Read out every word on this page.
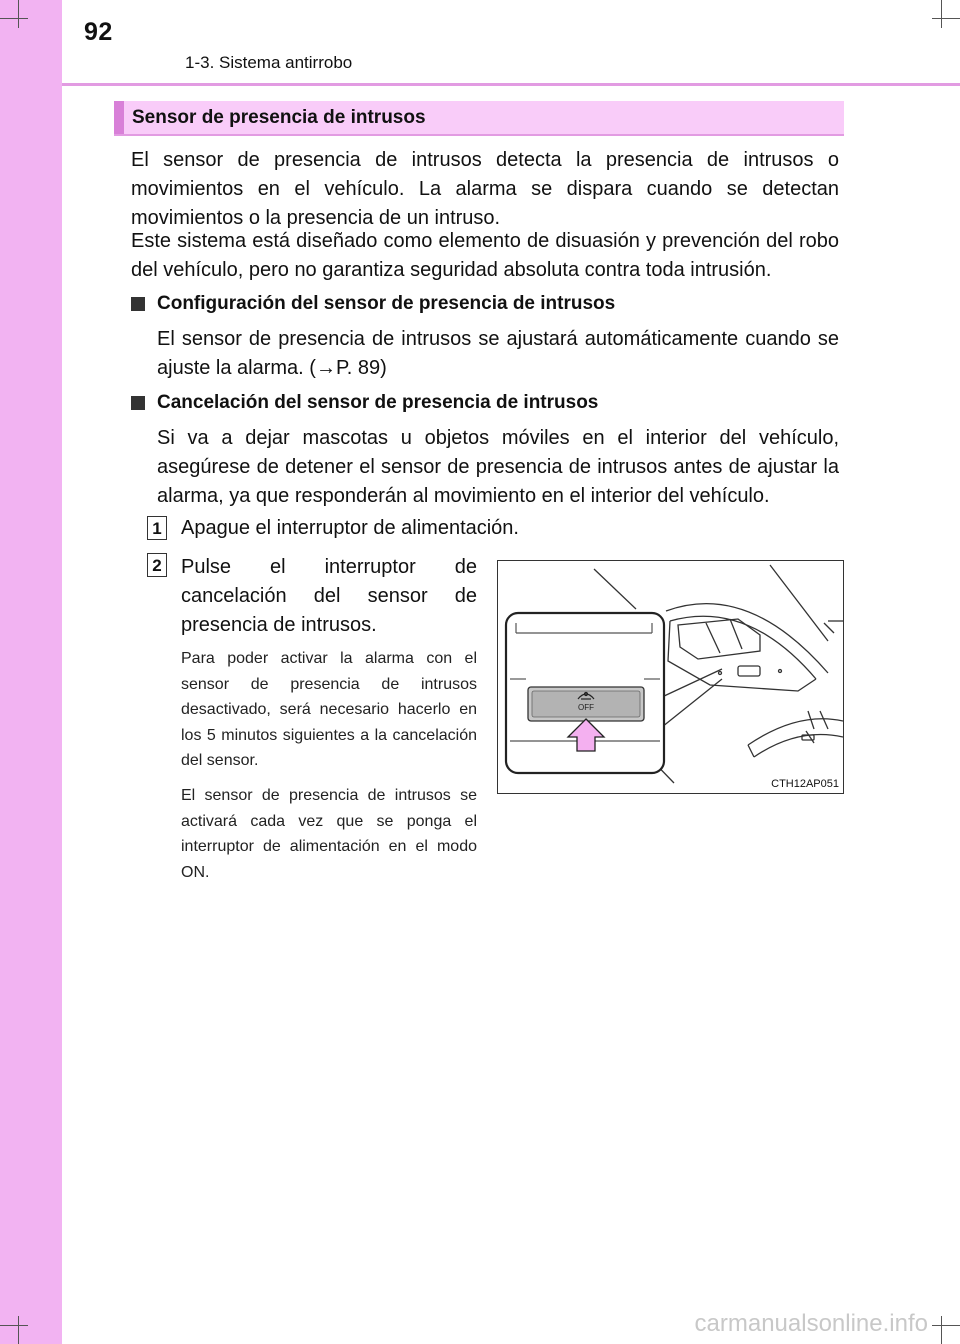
92
1-3. Sistema antirrobo
Sensor de presencia de intrusos

El sensor de presencia de intrusos detecta la presencia de intrusos o movimientos en el vehículo. La alarma se dispara cuando se detectan movimientos o la presencia de un intruso.

Este sistema está diseñado como elemento de disuasión y prevención del robo del vehículo, pero no garantiza seguridad absoluta contra toda intrusión.

Configuración del sensor de presencia de intrusos

El sensor de presencia de intrusos se ajustará automáticamente cuando se ajuste la alarma. (→P. 89)

Cancelación del sensor de presencia de intrusos

Si va a dejar mascotas u objetos móviles en el interior del vehículo, asegúrese de detener el sensor de presencia de intrusos antes de ajustar la alarma, ya que responderán al movimiento en el interior del vehículo.

1 Apague el interruptor de alimentación.

2 Pulse el interruptor de cancelación del sensor de presencia de intrusos.

Para poder activar la alarma con el sensor de presencia de intrusos desactivado, será necesario hacerlo en los 5 minutos siguientes a la cancelación del sensor.

El sensor de presencia de intrusos se activará cada vez que se ponga el interruptor de alimentación en el modo ON.

OFF
CTH12AP051
carmanualsonline.info
